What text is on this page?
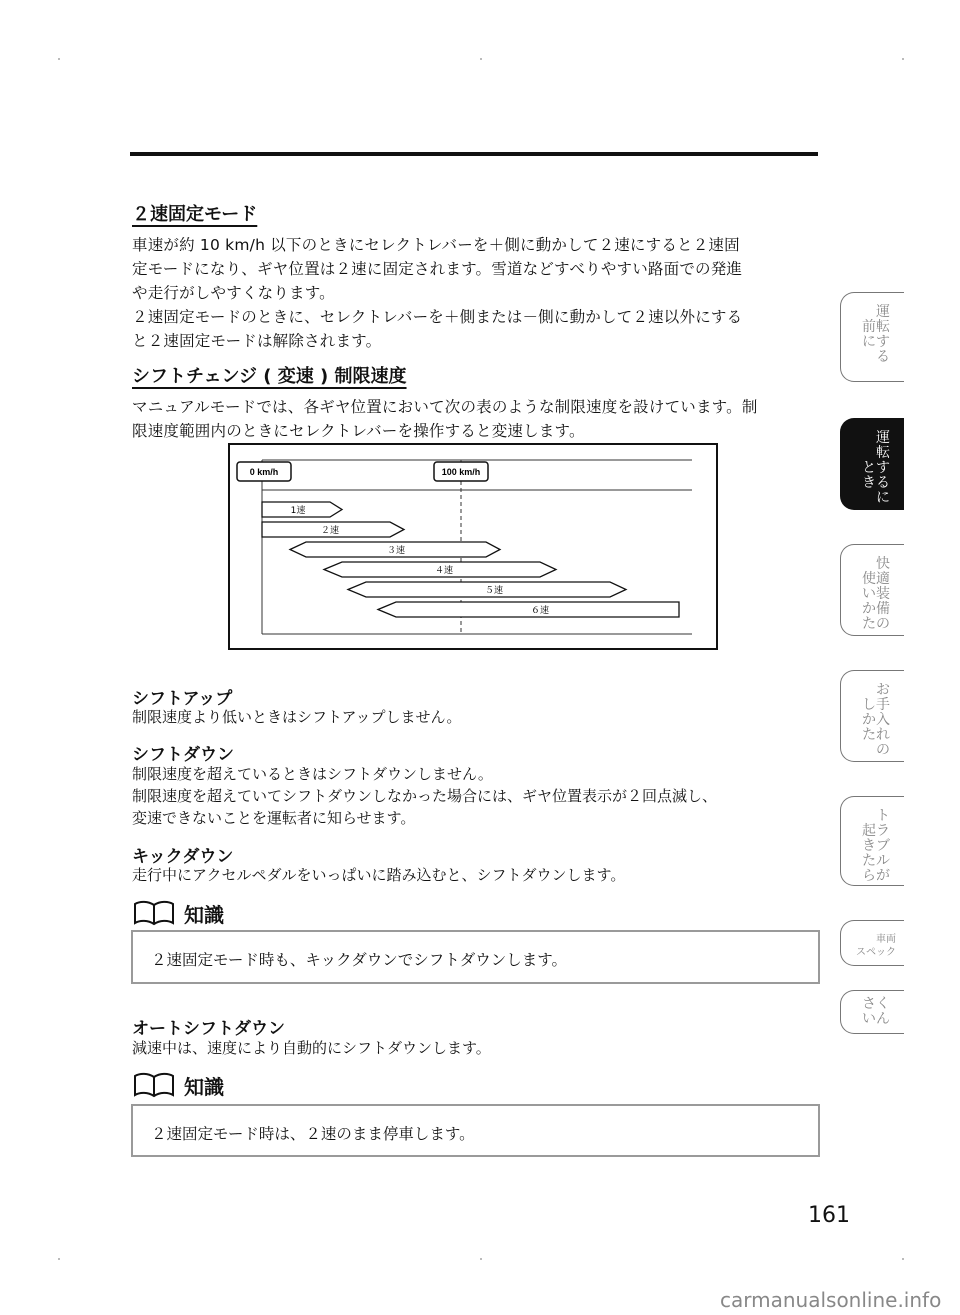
２速固定モード
車速が約 10 km/h 以下のときにセレクトレバーを＋側に動かして２速にすると２速固
定モードになり、ギヤ位置は２速に固定されます。雪道などすべりやすい路面での発進
や走行がしやすくなります。
２速固定モードのときに、セレクトレバーを＋側または－側に動かして２速以外にする
と２速固定モードは解除されます。
シフトチェンジ ( 変速 ) 制限速度
マニュアルモードでは、各ギヤ位置において次の表のような制限速度を設けています。制
限速度範囲内のときにセレクトレバーを操作すると変速します。
0 km/h	100 km/h
1速
２速
３速
４速
５速
６速
シフトアップ
制限速度より低いときはシフトアップしません。
シフトダウン
制限速度を超えているときはシフトダウンしません。
制限速度を超えていてシフトダウンしなかった場合には、ギヤ位置表示が２回点滅し、
変速できないことを運転者に知らせます。
キックダウン
走行中にアクセルペダルをいっぱいに踏み込むと、シフトダウンします。
知識
２速固定モード時も、キックダウンでシフトダウンします。
オートシフトダウン
減速中は、速度により自動的にシフトダウンします。
知識
２速固定モード時は、２速のまま停車します。
運
前転
にす
　る
運
転
とす
きる
に
快
使適
い装
か備
たの
お
し手
か入
たれ
　の
ト
起ラ
きブ
たル
らが
車両
スペック
さく
いん
161
carmanualsonline.info
